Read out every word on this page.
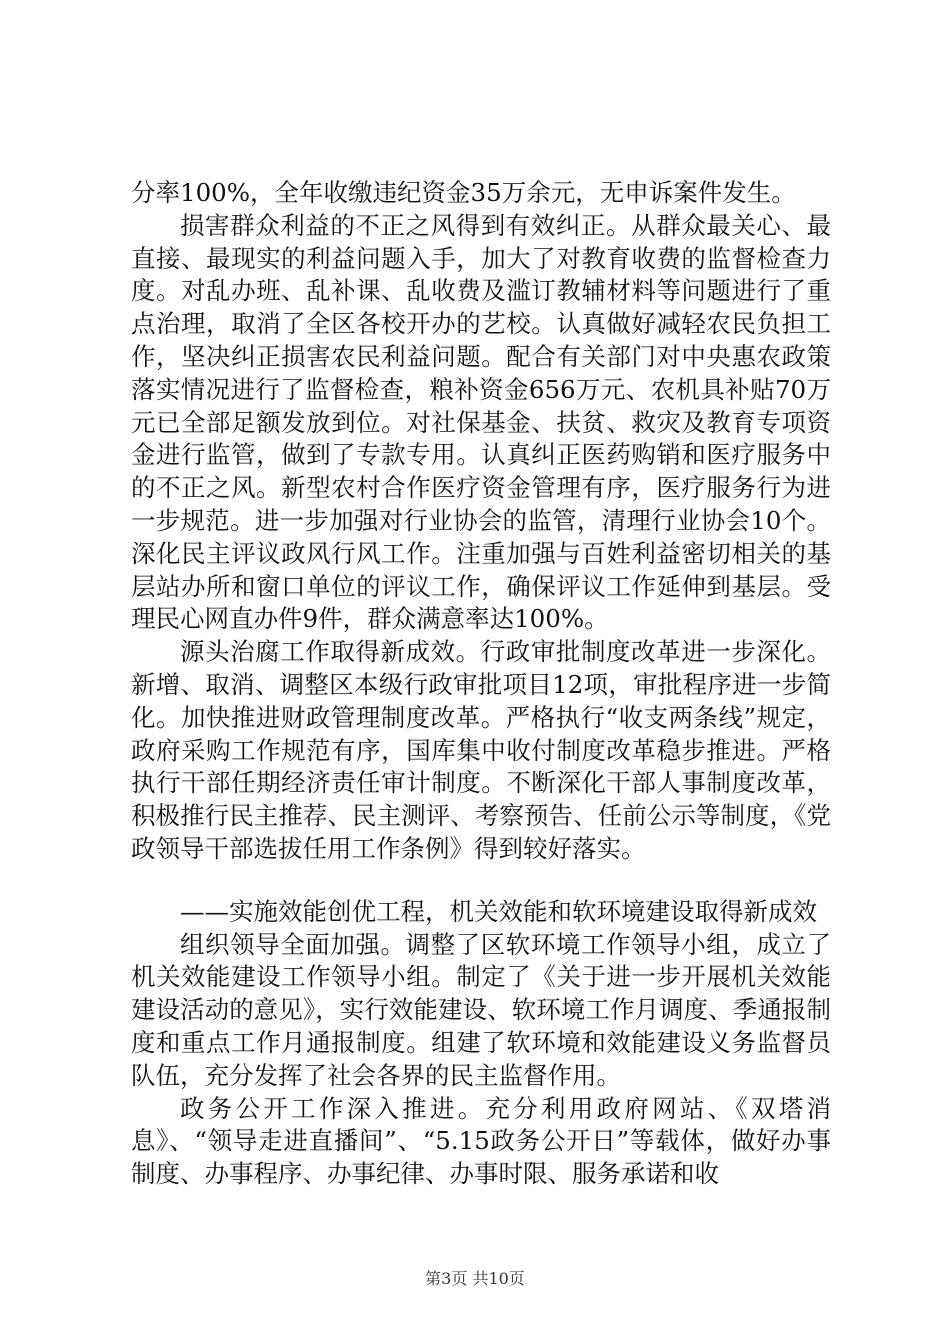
分率100%，全年收缴违纪资金35万余元，无申诉案件发生。

损害群众利益的不正之风得到有效纠正。从群众最关心、最直接、最现实的利益问题入手，加大了对教育收费的监督检查力度。对乱办班、乱补课、乱收费及滥订教辅材料等问题进行了重点治理，取消了全区各校开办的艺校。认真做好减轻农民负担工作，坚决纠正损害农民利益问题。配合有关部门对中央惠农政策落实情况进行了监督检查，粮补资金656万元、农机具补贴70万元已全部足额发放到位。对社保基金、扶贫、救灾及教育专项资金进行监管，做到了专款专用。认真纠正医药购销和医疗服务中的不正之风。新型农村合作医疗资金管理有序，医疗服务行为进一步规范。进一步加强对行业协会的监管，清理行业协会10个。深化民主评议政风行风工作。注重加强与百姓利益密切相关的基层站办所和窗口单位的评议工作，确保评议工作延伸到基层。受理民心网直办件9件，群众满意率达100%。

源头治腐工作取得新成效。行政审批制度改革进一步深化。新增、取消、调整区本级行政审批项目12项，审批程序进一步简化。加快推进财政管理制度改革。严格执行“收支两条线”规定，政府采购工作规范有序，国库集中收付制度改革稳步推进。严格执行干部任期经济责任审计制度。不断深化干部人事制度改革，积极推行民主推荐、民主测评、考察预告、任前公示等制度，《党政领导干部选拔任用工作条例》得到较好落实。

——实施效能创优工程，机关效能和软环境建设取得新成效

组织领导全面加强。调整了区软环境工作领导小组，成立了机关效能建设工作领导小组。制定了《关于进一步开展机关效能建设活动的意见》，实行效能建设、软环境工作月调度、季通报制度和重点工作月通报制度。组建了软环境和效能建设义务监督员队伍，充分发挥了社会各界的民主监督作用。

政务公开工作深入推进。充分利用政府网站、《双塔消息》、“领导走进直播间”、“5.15政务公开日”等载体，做好办事制度、办事程序、办事纪律、办事时限、服务承诺和收

第3页 共10页
